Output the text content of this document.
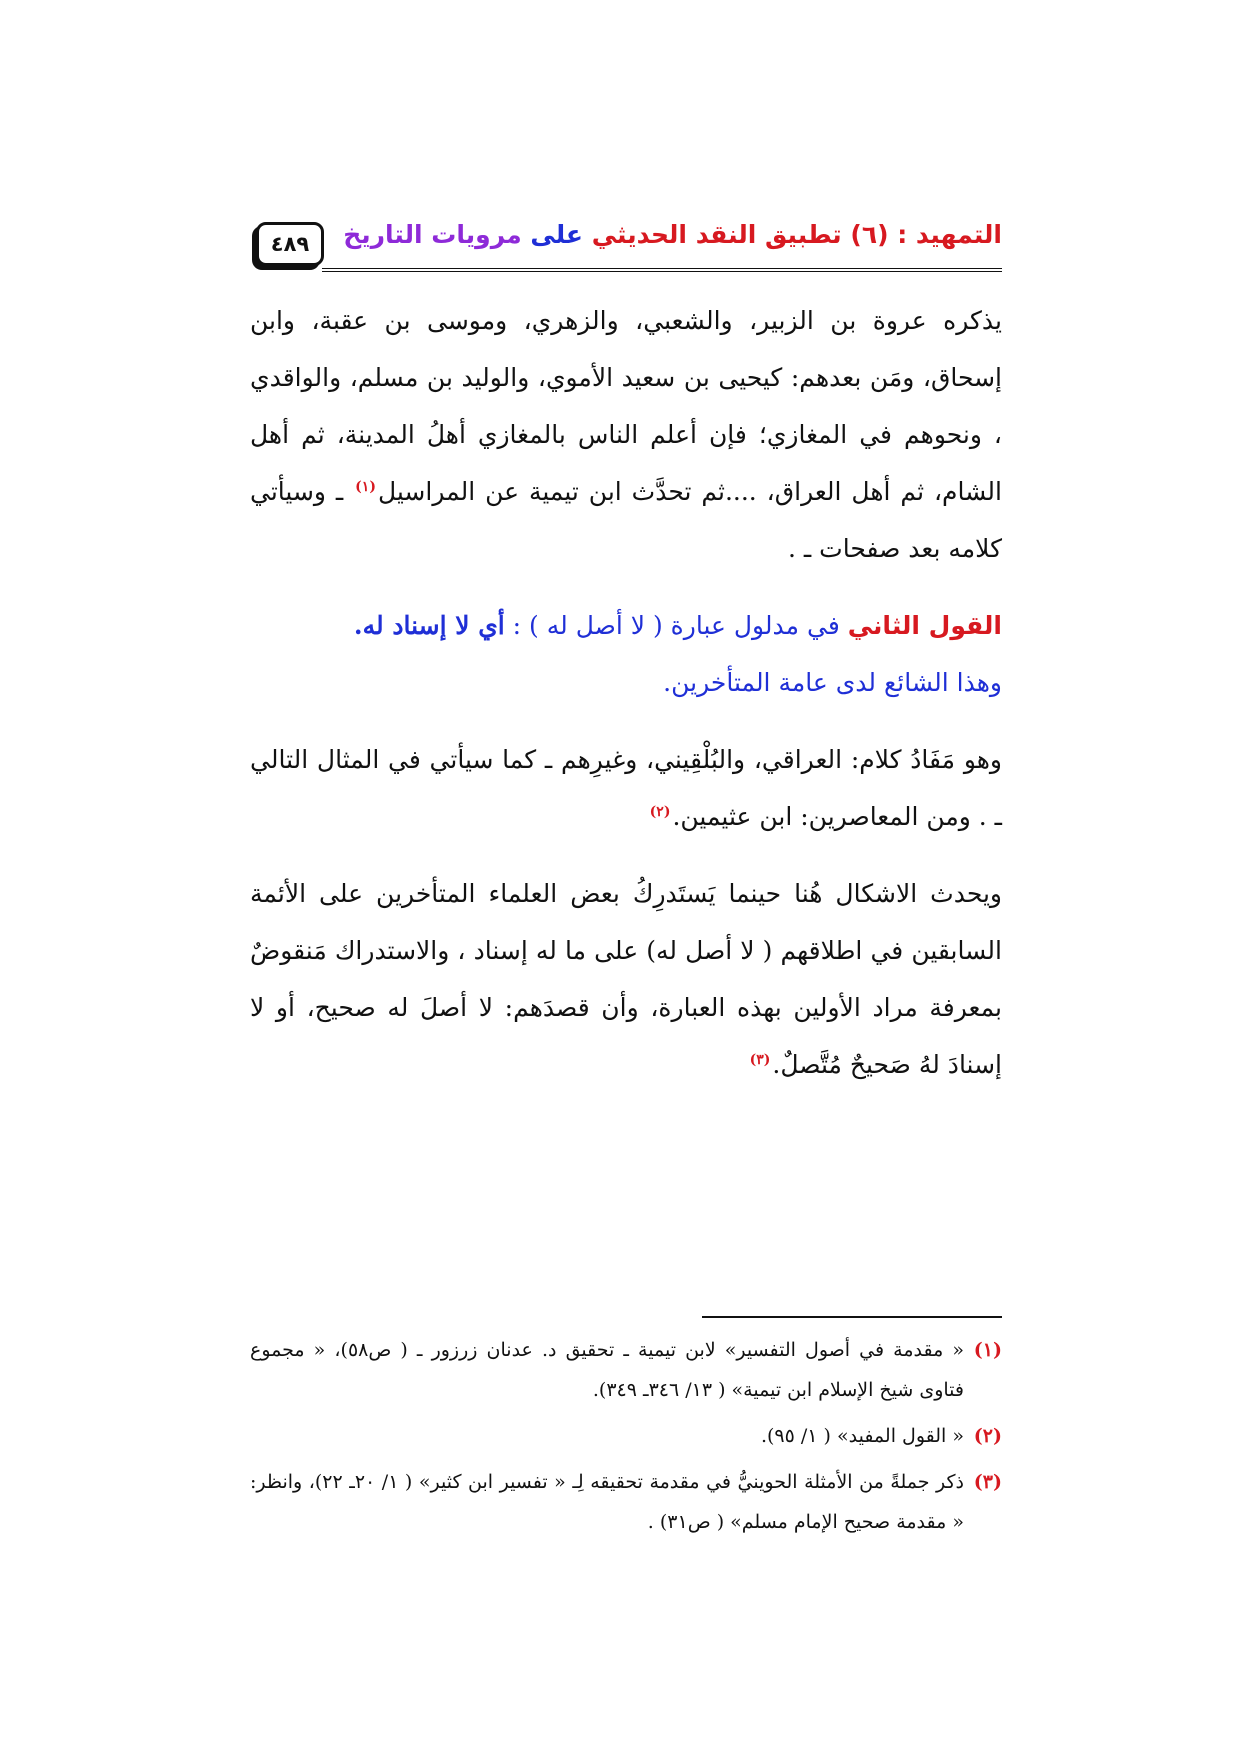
التمهيد : (٦) تطبيق النقد الحديثي على مرويات التاريخ
٤٨٩

يذكره عروة بن الزبير، والشعبي، والزهري، وموسى بن عقبة، وابن إسحاق، ومَن بعدهم: كيحيى بن سعيد الأموي، والوليد بن مسلم، والواقدي ، ونحوهم في المغازي؛ فإن أعلم الناس بالمغازي أهلُ المدينة، ثم أهل الشام، ثم أهل العراق، ....ثم تحدَّث ابن تيمية عن المراسيل$^{(١)}$ ـ وسيأتي كلامه بعد صفحات ـ .

القول الثاني في مدلول عبارة ( لا أصل له ) : أي لا إسناد له.

وهذا الشائع لدى عامة المتأخرين.

وهو مَفَادُ كلام: العراقي، والبُلْقِيني، وغيرِهم ـ كما سيأتي في المثال التالي ـ . ومن المعاصرين: ابن عثيمين.$^{(٢)}$

ويحدث الاشكال هُنا حينما يَستَدرِكُ بعض العلماء المتأخرين على الأئمة السابقين في اطلاقهم ( لا أصل له) على ما له إسناد ، والاستدراك مَنقوضٌ بمعرفة مراد الأولين بهذه العبارة، وأن قصدَهم: لا أصلَ له صحيح، أو لا إسنادَ لهُ صَحيحٌ مُتَّصلٌ.$^{(٣)}$

(١)
« مقدمة في أصول التفسير» لابن تيمية ـ تحقيق د. عدنان زرزور ـ ( ص٥٨)، « مجموع فتاوى شيخ الإسلام ابن تيمية» ( ١٣/ ٣٤٦ـ ٣٤٩).

(٢)
« القول المفيد» ( ١/ ٩٥).

(٣)
ذكر جملةً من الأمثلة الحوينيُّ في مقدمة تحقيقه لِـ « تفسير ابن كثير» ( ١/ ٢٠ـ ٢٢)، وانظر: « مقدمة صحيح الإمام مسلم» ( ص٣١) .
